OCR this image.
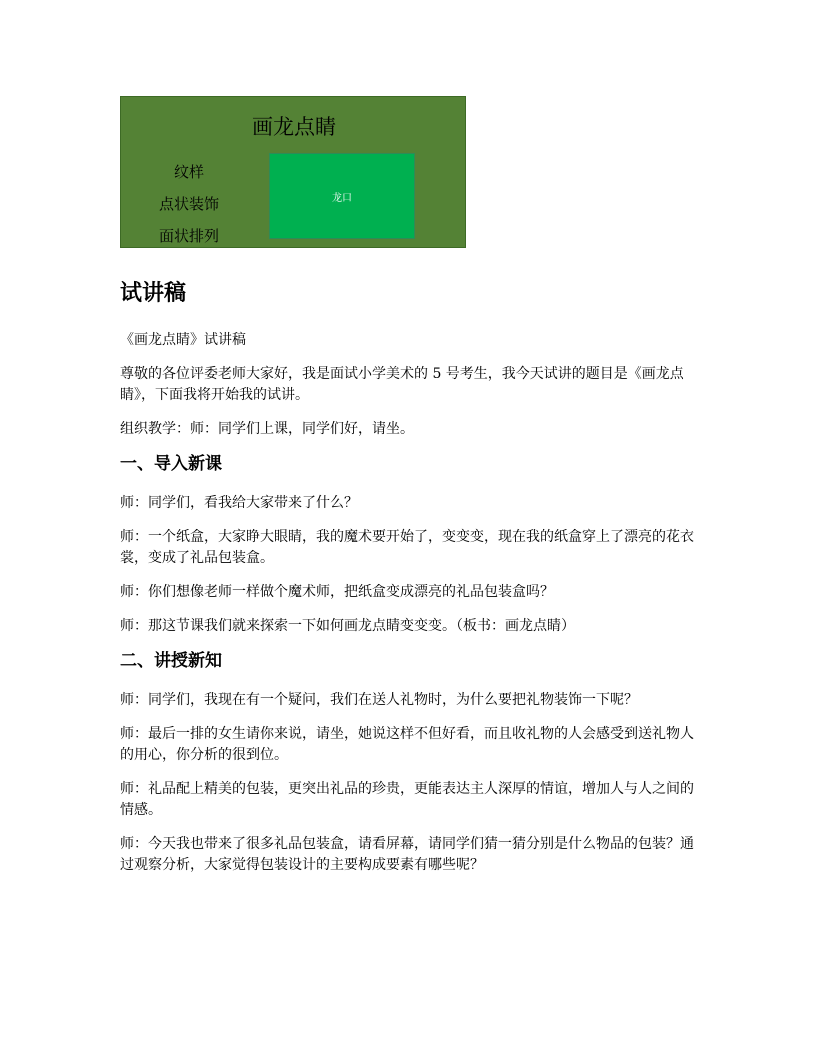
画龙点睛
纹样
点状装饰
面状排列
龙口
试讲稿

《画龙点睛》试讲稿

尊敬的各位评委老师大家好，我是面试小学美术的 5 号考生，我今天试讲的题目是《画龙点睛》，下面我将开始我的试讲。

组织教学：师：同学们上课，同学们好，请坐。

一、导入新课

师：同学们，看我给大家带来了什么？

师：一个纸盒，大家睁大眼睛，我的魔术要开始了，变变变，现在我的纸盒穿上了漂亮的花衣裳，变成了礼品包装盒。

师：你们想像老师一样做个魔术师，把纸盒变成漂亮的礼品包装盒吗？

师：那这节课我们就来探索一下如何画龙点睛变变变。（板书：画龙点睛）

二、讲授新知

师：同学们，我现在有一个疑问，我们在送人礼物时，为什么要把礼物装饰一下呢？

师：最后一排的女生请你来说，请坐，她说这样不但好看，而且收礼物的人会感受到送礼物人的用心，你分析的很到位。

师：礼品配上精美的包装，更突出礼品的珍贵，更能表达主人深厚的情谊，增加人与人之间的情感。

师：今天我也带来了很多礼品包装盒，请看屏幕，请同学们猜一猜分别是什么物品的包装？通过观察分析，大家觉得包装设计的主要构成要素有哪些呢？
